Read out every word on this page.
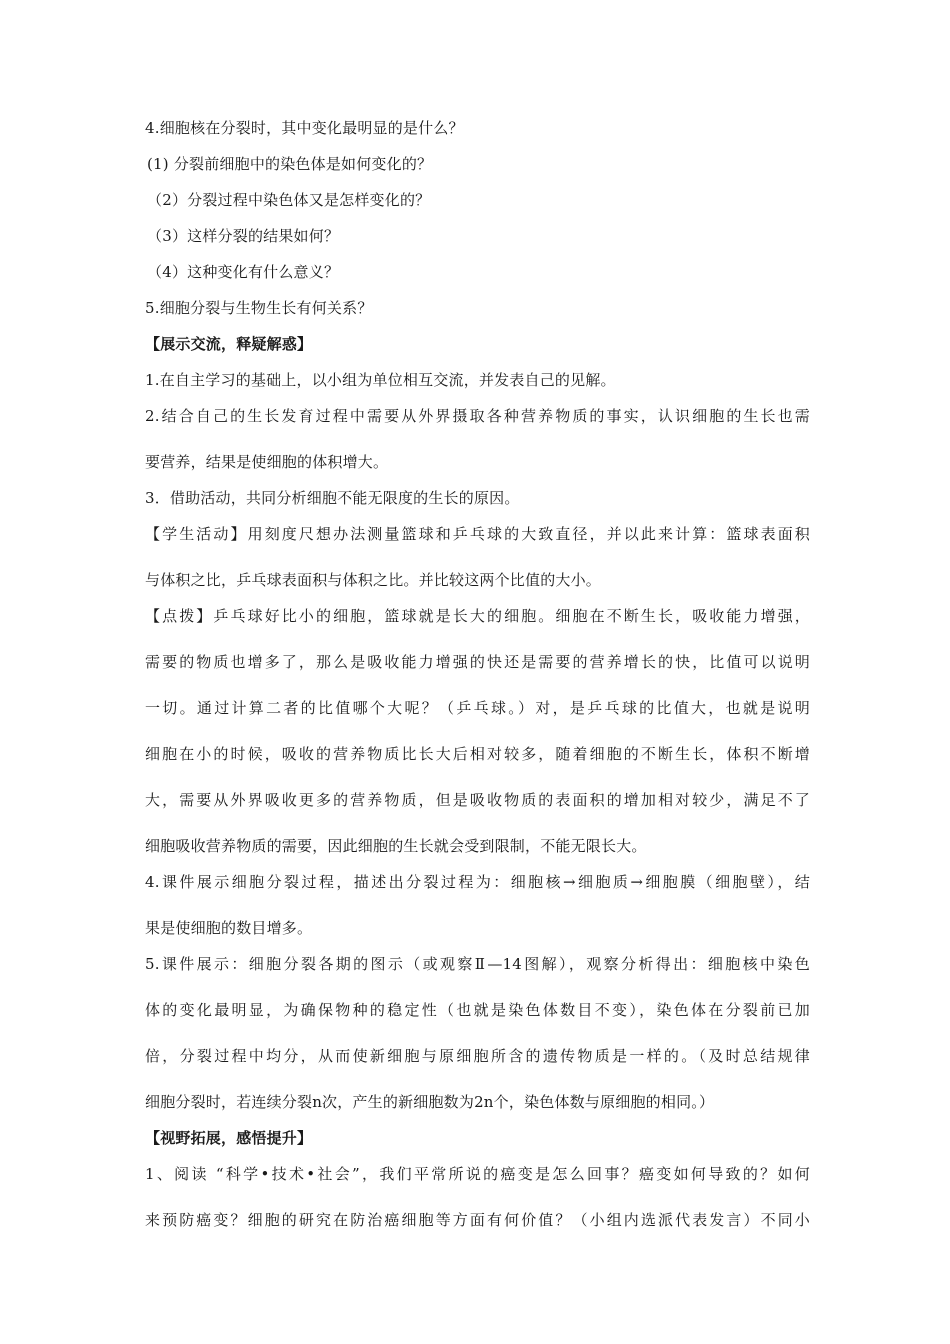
4.细胞核在分裂时，其中变化最明显的是什么？
(1) 分裂前细胞中的染色体是如何变化的？
（2）分裂过程中染色体又是怎样变化的？
（3）这样分裂的结果如何？
（4）这种变化有什么意义？
5.细胞分裂与生物生长有何关系？
【展示交流，释疑解惑】
1.在自主学习的基础上，以小组为单位相互交流，并发表自己的见解。
2.结合自己的生长发育过程中需要从外界摄取各种营养物质的事实，认识细胞的生长也需
要营养，结果是使细胞的体积增大。
3．借助活动，共同分析细胞不能无限度的生长的原因。
【学生活动】用刻度尺想办法测量篮球和乒乓球的大致直径，并以此来计算：篮球表面积
与体积之比，乒乓球表面积与体积之比。并比较这两个比值的大小。
【点拨】乒乓球好比小的细胞，篮球就是长大的细胞。细胞在不断生长，吸收能力增强，
需要的物质也增多了，那么是吸收能力增强的快还是需要的营养增长的快，比值可以说明
一切。通过计算二者的比值哪个大呢？（乒乓球。）对，是乒乓球的比值大，也就是说明
细胞在小的时候，吸收的营养物质比长大后相对较多，随着细胞的不断生长，体积不断增
大，需要从外界吸收更多的营养物质，但是吸收物质的表面积的增加相对较少，满足不了
细胞吸收营养物质的需要，因此细胞的生长就会受到限制，不能无限长大。
4.课件展示细胞分裂过程，描述出分裂过程为：细胞核→细胞质→细胞膜（细胞壁），结
果是使细胞的数目增多。
5.课件展示：细胞分裂各期的图示（或观察Ⅱ—14图解），观察分析得出：细胞核中染色
体的变化最明显，为确保物种的稳定性（也就是染色体数目不变），染色体在分裂前已加
倍，分裂过程中均分，从而使新细胞与原细胞所含的遗传物质是一样的。（及时总结规律
细胞分裂时，若连续分裂n次，产生的新细胞数为2n个，染色体数与原细胞的相同。）
【视野拓展，感悟提升】
1、阅读 “科学•技术•社会”，我们平常所说的癌变是怎么回事？癌变如何导致的？如何
来预防癌变？细胞的研究在防治癌细胞等方面有何价值？（小组内选派代表发言）不同小
